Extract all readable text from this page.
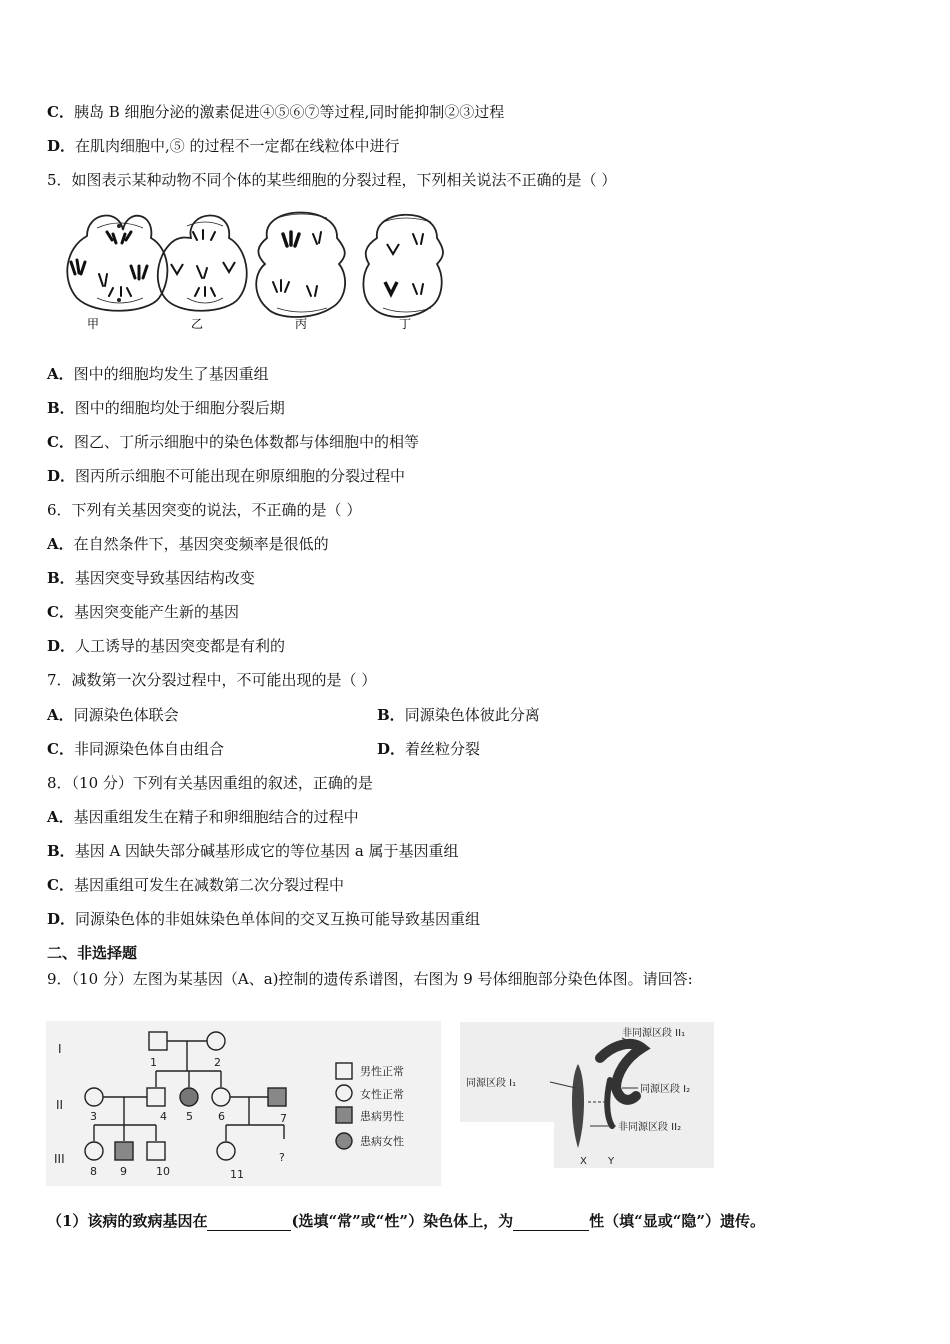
C．胰岛 B 细胞分泌的激素促进④⑤⑥⑦等过程,同时能抑制②③过程
D．在肌肉细胞中,⑤ 的过程不一定都在线粒体中进行
5．如图表示某种动物不同个体的某些细胞的分裂过程，下列相关说法不正确的是（ ）
甲	乙	丙	丁
A．图中的细胞均发生了基因重组
B．图中的细胞均处于细胞分裂后期
C．图乙、丁所示细胞中的染色体数都与体细胞中的相等
D．图丙所示细胞不可能出现在卵原细胞的分裂过程中
6．下列有关基因突变的说法，不正确的是（ ）
A．在自然条件下，基因突变频率是很低的
B．基因突变导致基因结构改变
C．基因突变能产生新的基因
D．人工诱导的基因突变都是有利的
7．减数第一次分裂过程中，不可能出现的是（ ）
A．同源染色体联会	B．同源染色体彼此分离
C．非同源染色体自由组合	D．着丝粒分裂
8．（10 分）下列有关基因重组的叙述，正确的是
A．基因重组发生在精子和卵细胞结合的过程中
B．基因 A 因缺失部分碱基形成它的等位基因 a 属于基因重组
C．基因重组可发生在减数第二次分裂过程中
D．同源染色体的非姐妹染色单体间的交叉互换可能导致基因重组
二、非选择题
9．（10 分）左图为某基因（A、a)控制的遗传系谱图，右图为 9 号体细胞部分染色体图。请回答:
I
II
III
1	2
3	4 5 6	7
8 9	10	11
?
男性正常
女性正常
患病男性
患病女性
非同源区段 II₁
同源区段 I₁
同源区段 I₂
非同源区段 II₂
X Y
（1）该病的致病基因在	(选填“常”或“性”）染色体上，为	性（填“显或“隐”）遗传。
